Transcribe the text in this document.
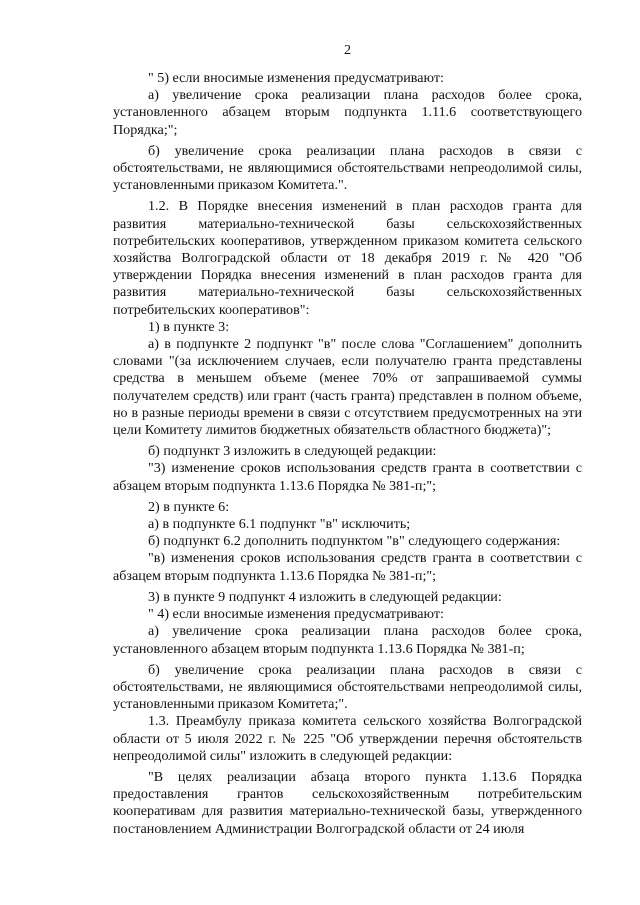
2

" 5) если вносимые изменения предусматривают:

а) увеличение срока реализации плана расходов более срока, установленного абзацем вторым подпункта 1.11.6 соответствующего Порядка;";

б) увеличение срока реализации плана расходов в связи с обстоятельствами, не являющимися обстоятельствами непреодолимой силы, установленными приказом Комитета.".

1.2. В Порядке внесения изменений в план расходов гранта для развития материально-технической базы сельскохозяйственных потребительских кооперативов, утвержденном приказом комитета сельского хозяйства Волгоградской области от 18 декабря 2019 г. № 420 "Об утверждении Порядка внесения изменений в план расходов гранта для развития материально-технической базы сельскохозяйственных потребительских кооперативов":

1) в пункте 3:

а) в подпункте 2 подпункт "в" после слова "Соглашением" дополнить словами "(за исключением случаев, если получателю гранта представлены средства в меньшем объеме (менее 70% от запрашиваемой суммы получателем средств) или грант (часть гранта) представлен в полном объеме, но в разные периоды времени в связи с отсутствием предусмотренных на эти цели Комитету лимитов бюджетных обязательств областного бюджета)";

б) подпункт 3 изложить в следующей редакции:

"3) изменение сроков использования средств гранта в соответствии с абзацем вторым подпункта 1.13.6 Порядка № 381-п;";

2) в пункте 6:

а) в подпункте 6.1 подпункт "в" исключить;

б) подпункт 6.2 дополнить подпунктом "в" следующего содержания:

"в) изменения сроков использования средств гранта в соответствии с абзацем вторым подпункта 1.13.6 Порядка № 381-п;";

3) в пункте 9 подпункт 4 изложить в следующей редакции:

" 4) если вносимые изменения предусматривают:

а) увеличение срока реализации плана расходов более срока, установленного абзацем вторым подпункта 1.13.6 Порядка № 381-п;

б) увеличение срока реализации плана расходов в связи с обстоятельствами, не являющимися обстоятельствами непреодолимой силы, установленными приказом Комитета;".

1.3. Преамбулу приказа комитета сельского хозяйства Волгоградской области от 5 июля 2022 г. № 225 "Об утверждении перечня обстоятельств непреодолимой силы" изложить в следующей редакции:

"В целях реализации абзаца второго пункта 1.13.6 Порядка предоставления грантов сельскохозяйственным потребительским кооперативам для развития материально-технической базы, утвержденного постановлением Администрации Волгоградской области от 24 июля
